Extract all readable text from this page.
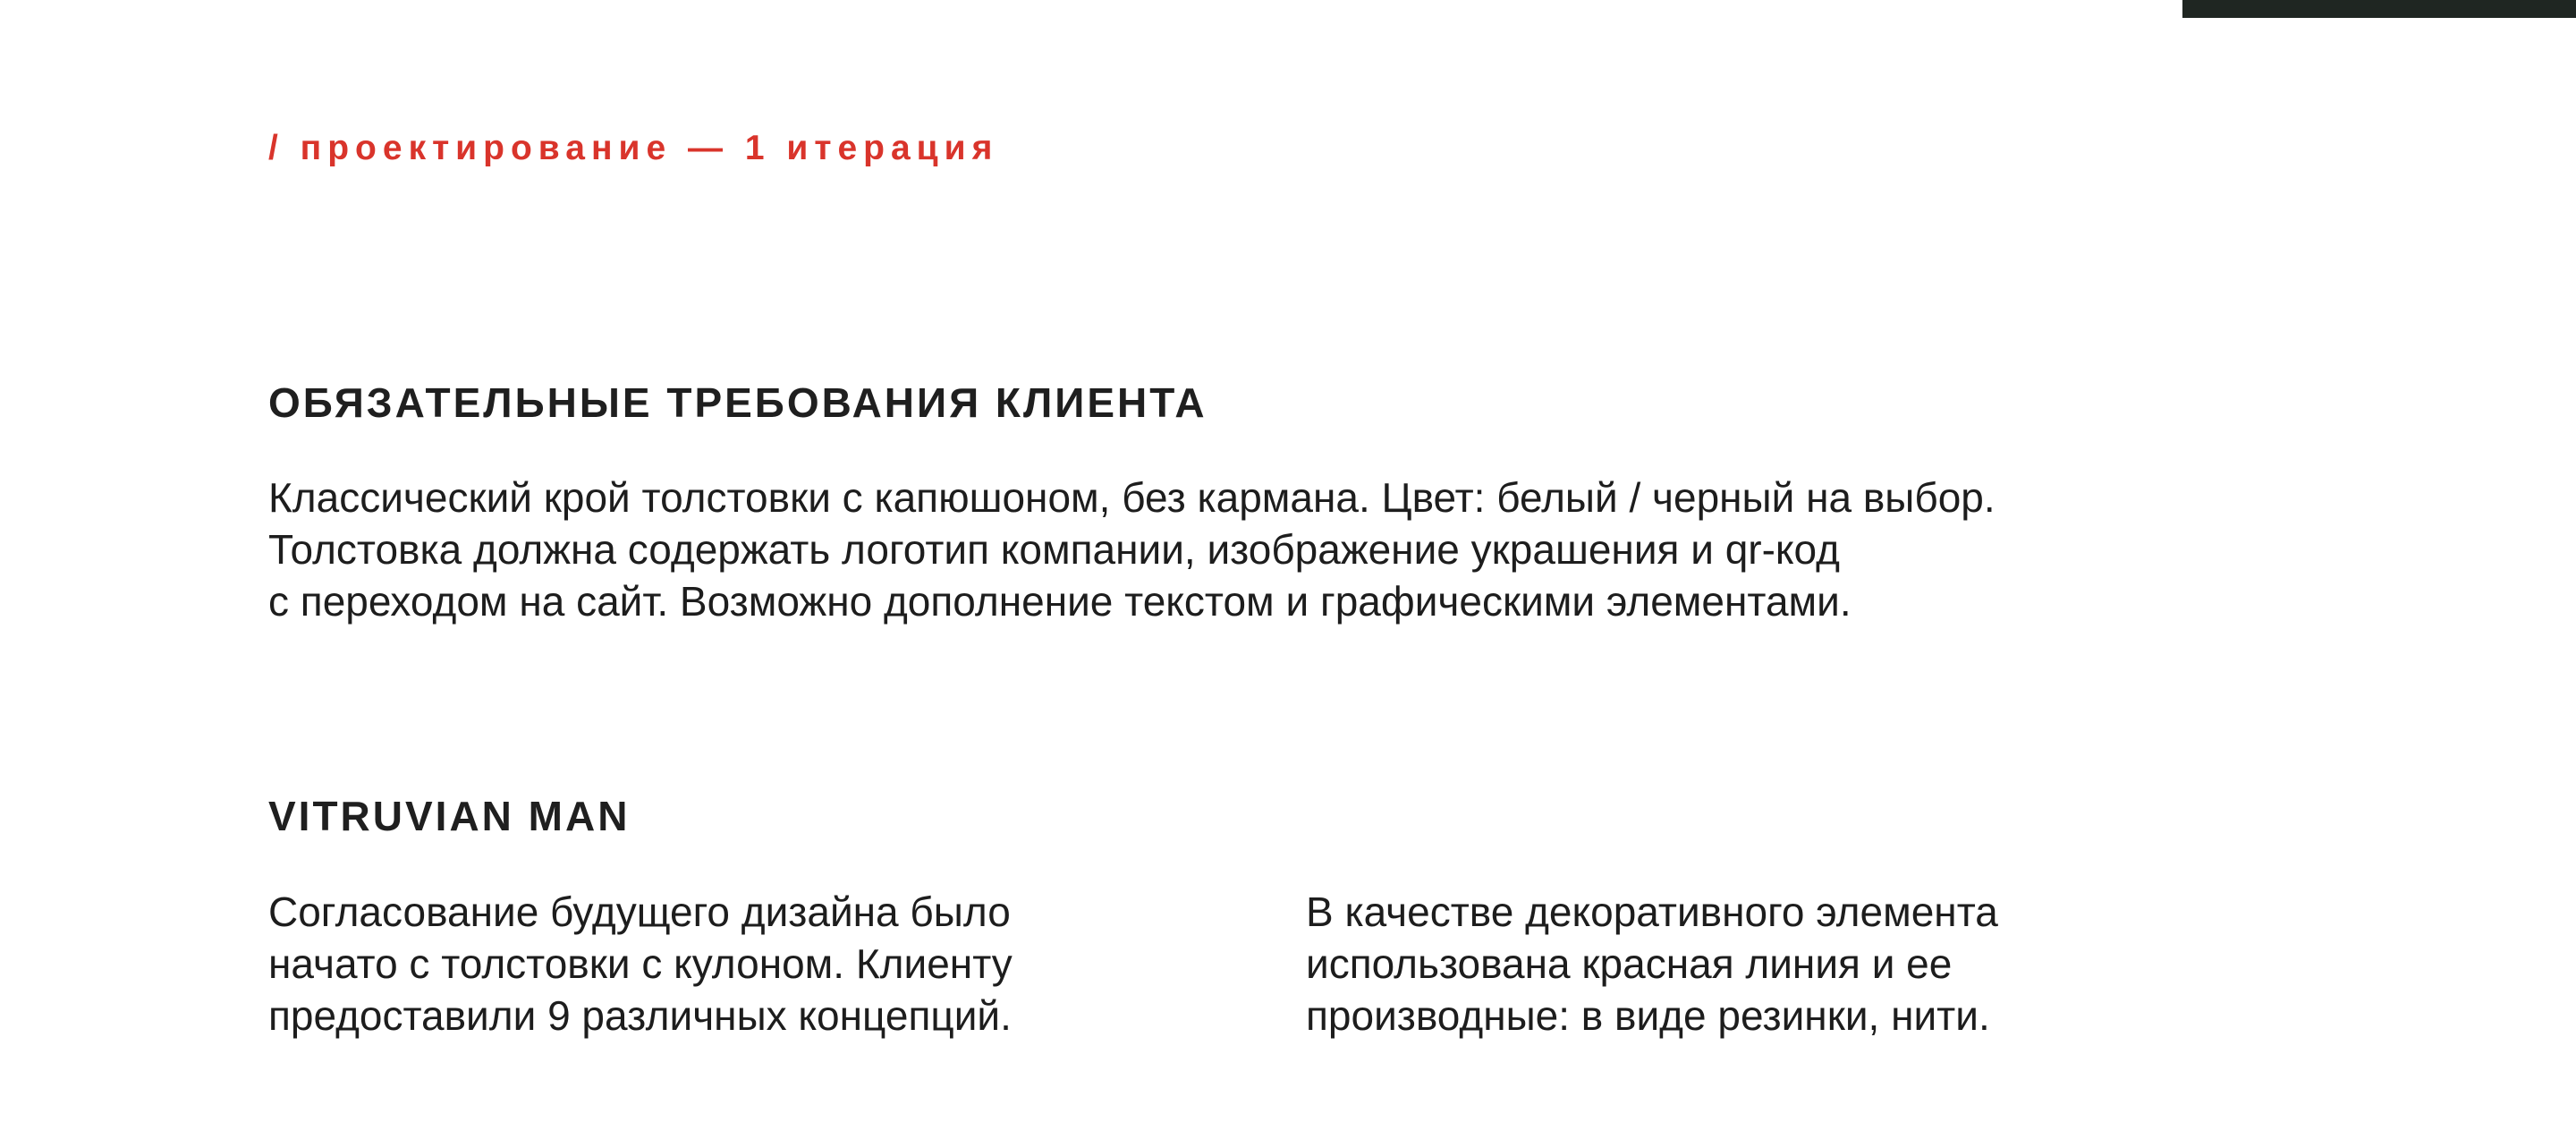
/ проектирование — 1 итерация

ОБЯЗАТЕЛЬНЫЕ ТРЕБОВАНИЯ КЛИЕНТА

Классический крой толстовки с капюшоном, без кармана. Цвет: белый / черный на выбор.
Толстовка должна содержать логотип компании, изображение украшения и qr-код
с переходом на сайт. Возможно дополнение текстом и графическими элементами.

VITRUVIAN MAN

Согласование будущего дизайна было
начато с толстовки с кулоном. Клиенту
предоставили 9 различных концепций.

В качестве декоративного элемента
использована красная линия и ее
производные: в виде резинки, нити.
